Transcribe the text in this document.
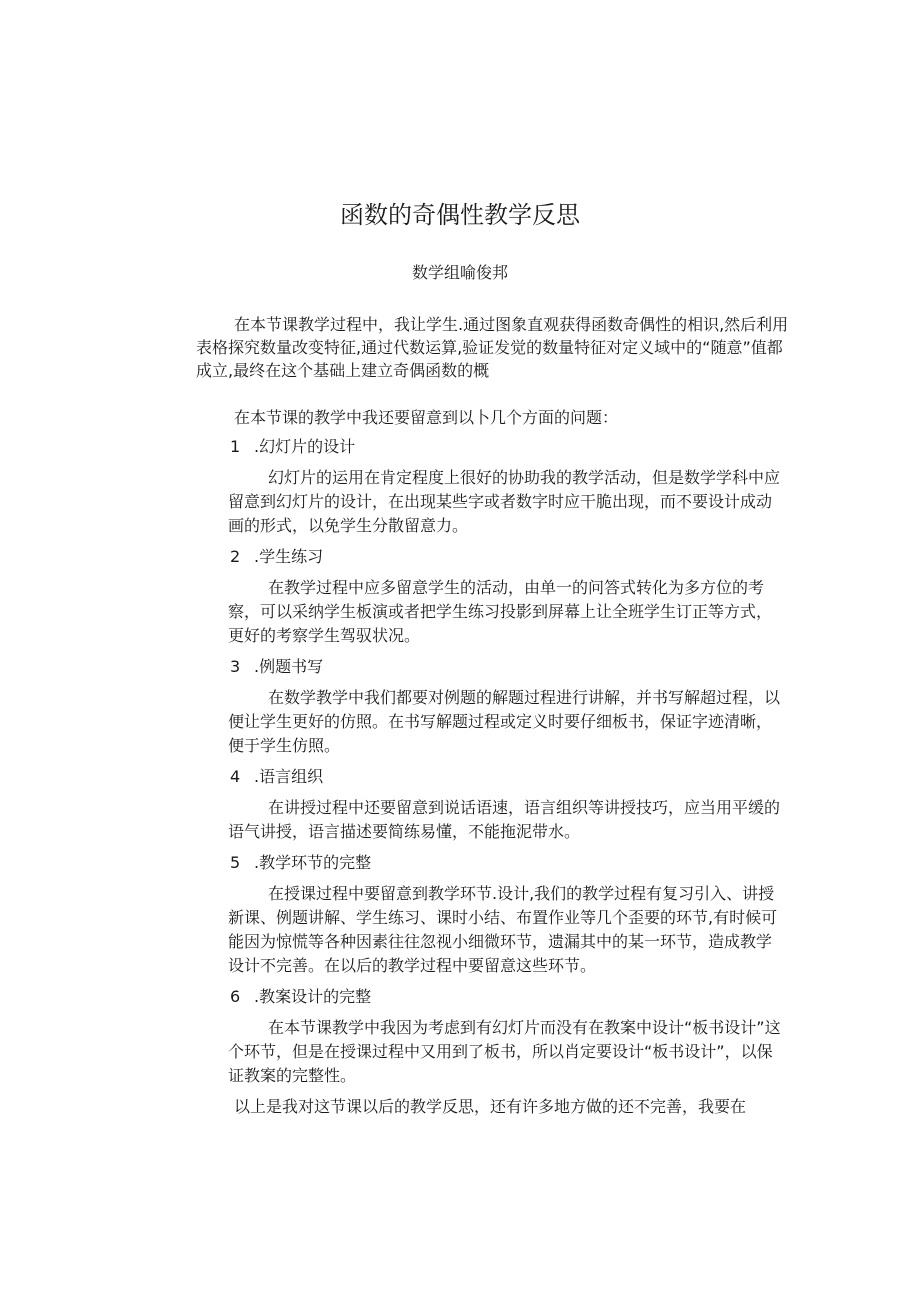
函数的奇偶性教学反思
数学组喻俊邦

在本节课教学过程中，我让学生.通过图象直观获得函数奇偶性的相识,然后利用表格探究数量改变特征,通过代数运算,验证发觉的数量特征对定义域中的“随意”值都成立,最终在这个基础上建立奇偶函数的概

在本节课的教学中我还要留意到以卜几个方面的问题：

1 .幻灯片的设计

幻灯片的运用在肯定程度上很好的协助我的教学活动，但是数学学科中应留意到幻灯片的设计，在出现某些字或者数字时应干脆出现，而不要设计成动画的形式，以免学生分散留意力。

2 .学生练习

在教学过程中应多留意学生的活动，由单一的问答式转化为多方位的考察，可以采纳学生板演或者把学生练习投影到屏幕上让全班学生订正等方式，更好的考察学生驾驭状况。

3 .例题书写

在数学教学中我们都要对例题的解题过程进行讲解，并书写解超过程，以便让学生更好的仿照。在书写解题过程或定义时要仔细板书，保证字迹清晰，便于学生仿照。

4 .语言组织

在讲授过程中还要留意到说话语速，语言组织等讲授技巧，应当用平缓的语气讲授，语言描述要简练易懂，不能拖泥带水。

5 .教学环节的完整

在授课过程中要留意到教学环节.设计,我们的教学过程有复习引入、讲授新课、例题讲解、学生练习、课时小结、布置作业等几个歪要的环节,有时候可能因为惊慌等各种因素往往忽视小细微环节，遗漏其中的某一环节，造成教学设计不完善。在以后的教学过程中要留意这些环节。

6 .教案设计的完整

在本节课教学中我因为考虑到有幻灯片而没有在教案中设计“板书设计”这个环节，但是在授课过程中又用到了板书，所以肖定要设计“板书设计”，以保证教案的完整性。

以上是我对这节课以后的教学反思，还有许多地方做的还不完善，我要在
